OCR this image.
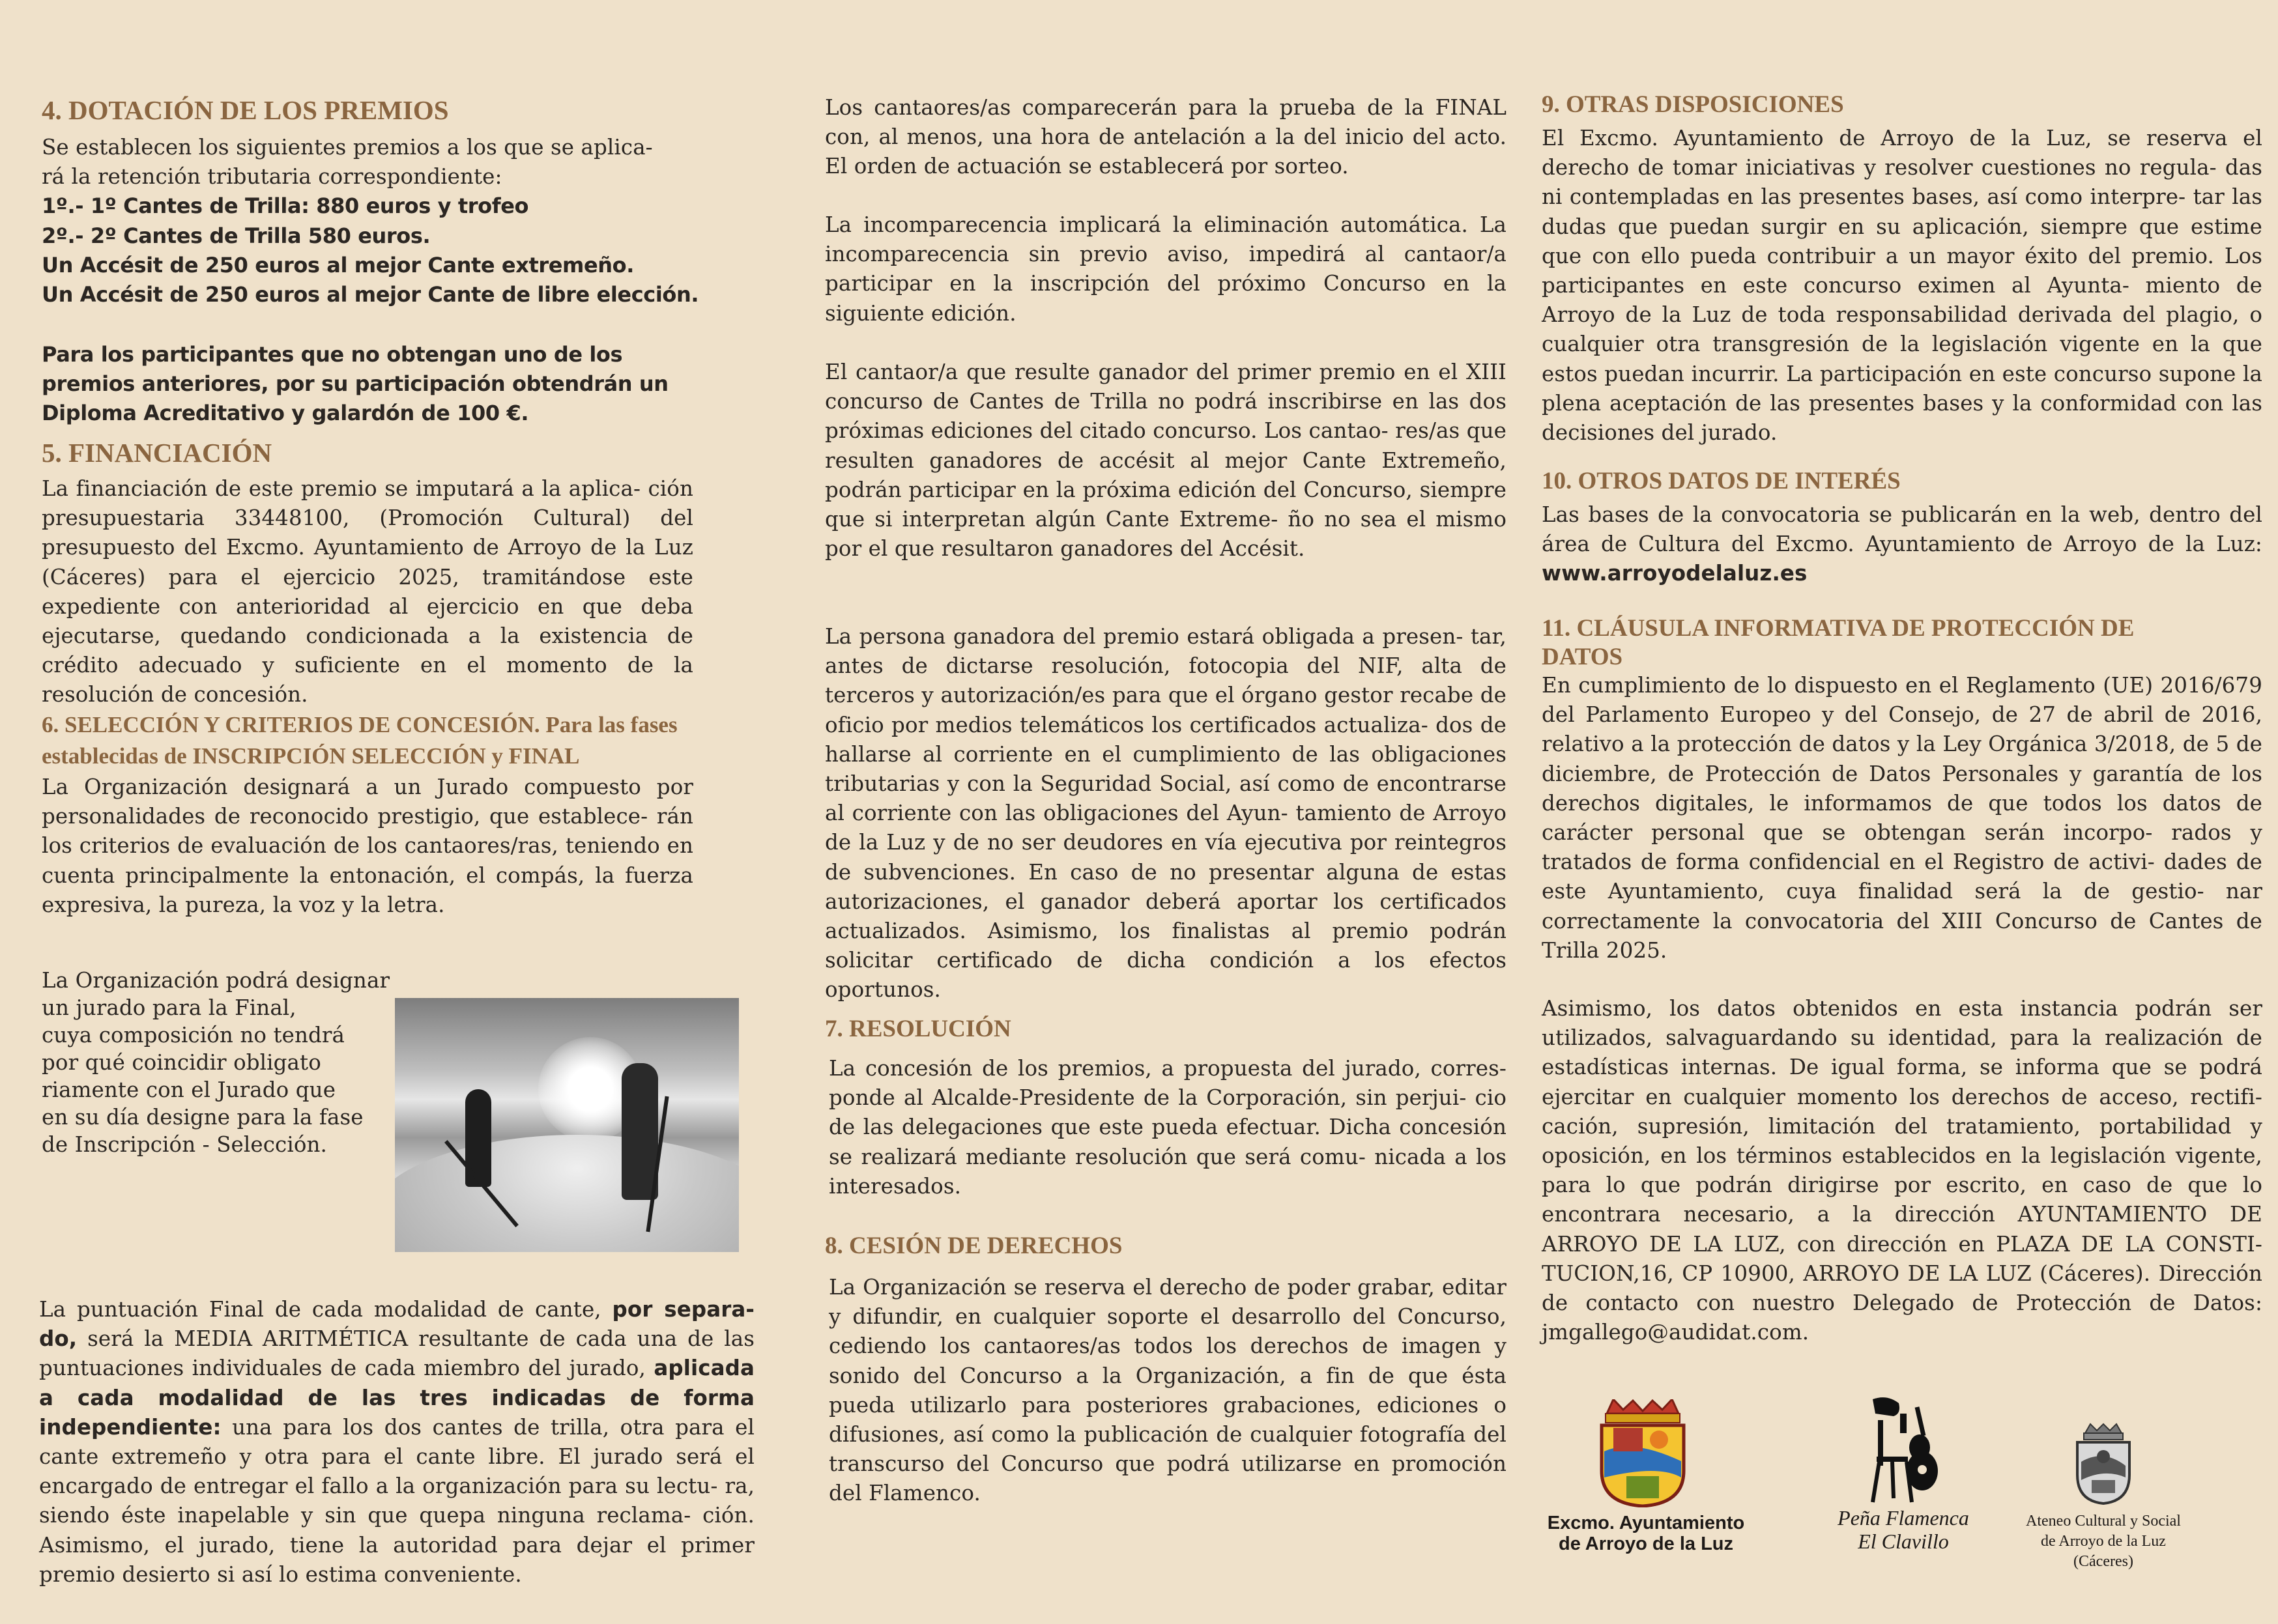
4. DOTACIÓN DE LOS PREMIOS
Se establecen los siguientes premios a los que se aplica-
rá la retención tributaria correspondiente:
1º.- 1º Cantes de Trilla: 880 euros y trofeo
2º.- 2º Cantes de Trilla 580 euros.
Un Accésit de 250 euros al mejor Cante extremeño.
Un Accésit de 250 euros al mejor Cante de libre elección.
Para los participantes que no obtengan uno de los
premios anteriores, por su participación obtendrán un
Diploma Acreditativo y galardón de 100 €.
5. FINANCIACIÓN
La financiación de este premio se imputará a la aplica- ción presupuestaria 33448100, (Promoción Cultural) del presupuesto del Excmo. Ayuntamiento de Arroyo de la Luz (Cáceres) para el ejercicio 2025, tramitándose este expediente con anterioridad al ejercicio en que deba ejecutarse, quedando condicionada a la existencia de crédito adecuado y suficiente en el momento de la resolución de concesión.
6. SELECCIÓN Y CRITERIOS DE CONCESIÓN. Para las fases
establecidas de INSCRIPCIÓN SELECCIÓN y FINAL
La Organización designará a un Jurado compuesto por personalidades de reconocido prestigio, que establece- rán los criterios de evaluación de los cantaores/ras, teniendo en cuenta principalmente la entonación, el compás, la fuerza expresiva, la pureza, la voz y la letra.
La Organización podrá designar
un jurado para la Final,
cuya composición no tendrá
por qué coincidir obligato
riamente con el Jurado que
en su día designe para la fase
de Inscripción - Selección.
La puntuación Final de cada modalidad de cante, por separa- do, será la MEDIA ARITMÉTICA resultante de cada una de las puntuaciones individuales de cada miembro del jurado, aplicada a cada modalidad de las tres indicadas de forma independiente: una para los dos cantes de trilla, otra para el cante extremeño y otra para el cante libre. El jurado será el encargado de entregar el fallo a la organización para su lectu- ra, siendo éste inapelable y sin que quepa ninguna reclama- ción. Asimismo, el jurado, tiene la autoridad para dejar el primer premio desierto si así lo estima conveniente.
Los cantaores/as comparecerán para la prueba de la FINAL con, al menos, una hora de antelación a la del inicio del acto. El orden de actuación se establecerá por sorteo.
La incomparecencia implicará la eliminación automática. La incomparecencia sin previo aviso, impedirá al cantaor/a participar en la inscripción del próximo Concurso en la siguiente edición.
El cantaor/a que resulte ganador del primer premio en el XIII concurso de Cantes de Trilla no podrá inscribirse en las dos próximas ediciones del citado concurso. Los cantao- res/as que resulten ganadores de accésit al mejor Cante Extremeño, podrán participar en la próxima edición del Concurso, siempre que si interpretan algún Cante Extreme- ño no sea el mismo por el que resultaron ganadores del Accésit.
La persona ganadora del premio estará obligada a presen- tar, antes de dictarse resolución, fotocopia del NIF, alta de terceros y autorización/es para que el órgano gestor recabe de oficio por medios telemáticos los certificados actualiza- dos de hallarse al corriente en el cumplimiento de las obligaciones tributarias y con la Seguridad Social, así como de encontrarse al corriente con las obligaciones del Ayun- tamiento de Arroyo de la Luz y de no ser deudores en vía ejecutiva por reintegros de subvenciones. En caso de no presentar alguna de estas autorizaciones, el ganador deberá aportar los certificados actualizados. Asimismo, los finalistas al premio podrán solicitar certificado de dicha condición a los efectos oportunos.
7. RESOLUCIÓN
La concesión de los premios, a propuesta del jurado, corres- ponde al Alcalde-Presidente de la Corporación, sin perjui- cio de las delegaciones que este pueda efectuar. Dicha concesión se realizará mediante resolución que será comu- nicada a los interesados.
8. CESIÓN DE DERECHOS
La Organización se reserva el derecho de poder grabar, editar y difundir, en cualquier soporte el desarrollo del Concurso, cediendo los cantaores/as todos los derechos de imagen y sonido del Concurso a la Organización, a fin de que ésta pueda utilizarlo para posteriores grabaciones, ediciones o difusiones, así como la publicación de cualquier fotografía del transcurso del Concurso que podrá utilizarse en promoción del Flamenco.
9. OTRAS DISPOSICIONES
El Excmo. Ayuntamiento de Arroyo de la Luz, se reserva el derecho de tomar iniciativas y resolver cuestiones no regula- das ni contempladas en las presentes bases, así como interpre- tar las dudas que puedan surgir en su aplicación, siempre que estime que con ello pueda contribuir a un mayor éxito del premio. Los participantes en este concurso eximen al Ayunta- miento de Arroyo de la Luz de toda responsabilidad derivada del plagio, o cualquier otra transgresión de la legislación vigente en la que estos puedan incurrir. La participación en este concurso supone la plena aceptación de las presentes bases y la conformidad con las decisiones del jurado.
10. OTROS DATOS DE INTERÉS
Las bases de la convocatoria se publicarán en la web, dentro del área de Cultura del Excmo. Ayuntamiento de Arroyo de la Luz: www.arroyodelaluz.es
11. CLÁUSULA INFORMATIVA DE PROTECCIÓN DE
DATOS
En cumplimiento de lo dispuesto en el Reglamento (UE) 2016/679 del Parlamento Europeo y del Consejo, de 27 de abril de 2016, relativo a la protección de datos y la Ley Orgánica 3/2018, de 5 de diciembre, de Protección de Datos Personales y garantía de los derechos digitales, le informamos de que todos los datos de carácter personal que se obtengan serán incorpo- rados y tratados de forma confidencial en el Registro de activi- dades de este Ayuntamiento, cuya finalidad será la de gestio- nar correctamente la convocatoria del XIII Concurso de Cantes de Trilla 2025.
Asimismo, los datos obtenidos en esta instancia podrán ser utilizados, salvaguardando su identidad, para la realización de estadísticas internas. De igual forma, se informa que se podrá ejercitar en cualquier momento los derechos de acceso, rectifi- cación, supresión, limitación del tratamiento, portabilidad y oposición, en los términos establecidos en la legislación vigente, para lo que podrán dirigirse por escrito, en caso de que lo encontrara necesario, a la dirección AYUNTAMIENTO DE ARROYO DE LA LUZ, con dirección en PLAZA DE LA CONSTI- TUCION,16, CP 10900, ARROYO DE LA LUZ (Cáceres). Dirección de contacto con nuestro Delegado de Protección de Datos: jmgallego@audidat.com.
Excmo. Ayuntamiento
de Arroyo de la Luz
Peña Flamenca
El Clavillo
Ateneo Cultural y Social
de Arroyo de la Luz
(Cáceres)
